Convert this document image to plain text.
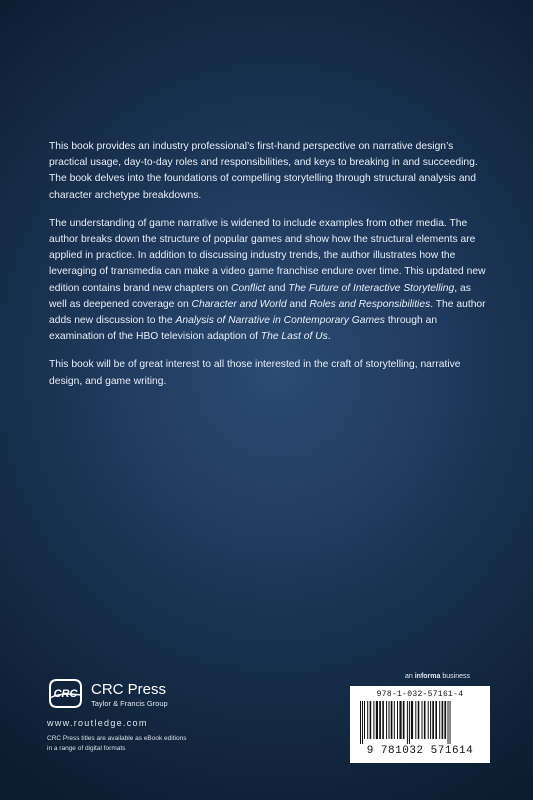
This book provides an industry professional’s first-hand perspective on narrative design’s practical usage, day-to-day roles and responsibilities, and keys to breaking in and succeeding. The book delves into the foundations of compelling storytelling through structural analysis and character archetype breakdowns.

The understanding of game narrative is widened to include examples from other media. The author breaks down the structure of popular games and show how the structural elements are applied in practice. In addition to discussing industry trends, the author illustrates how the leveraging of transmedia can make a video game franchise endure over time. This updated new edition contains brand new chapters on Conflict and The Future of Interactive Storytelling, as well as deepened coverage on Character and World and Roles and Responsibilities. The author adds new discussion to the Analysis of Narrative in Contemporary Games through an examination of the HBO television adaption of The Last of Us.

This book will be of great interest to all those interested in the craft of storytelling, narrative design, and game writing.

CRC CRC Press
Taylor & Francis Group
www.routledge.com
CRC Press titles are available as eBook editions
in a range of digital formats
an informa business
978-1-032-57161-4
9 781032 571614
